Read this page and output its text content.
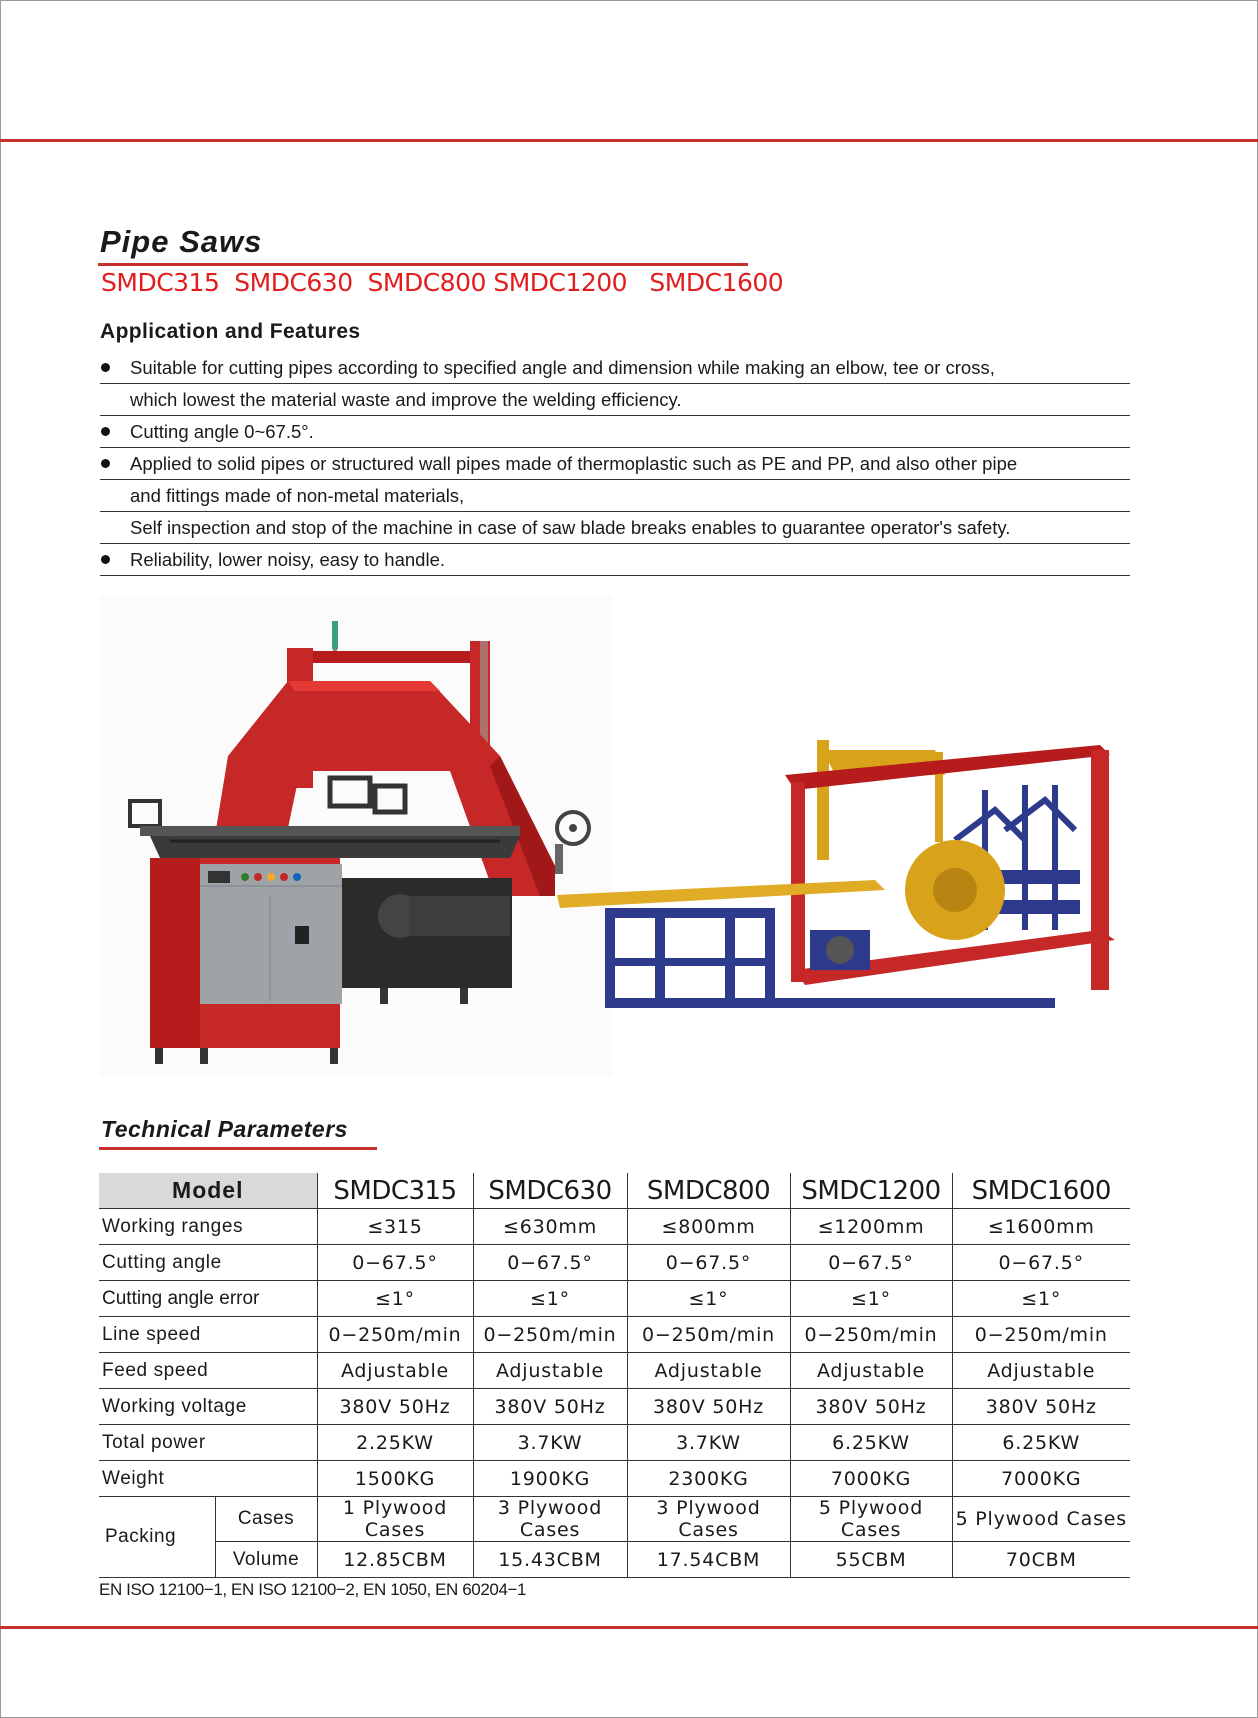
Pipe Saws
SMDC315  SMDC630  SMDC800 SMDC1200   SMDC1600
Application and Features
Suitable for cutting pipes according to specified angle and dimension while making an elbow, tee or cross,
which lowest the material waste and improve the welding efficiency.
Cutting angle 0~67.5°.
Applied to solid pipes or structured wall pipes made of thermoplastic such as PE and PP, and also other pipe
and fittings made of non-metal materials,
Self inspection and stop of the machine in case of saw blade breaks enables to guarantee operator's safety.
Reliability, lower noisy, easy to handle.
Technical Parameters
Model		SMDC315	SMDC630	SMDC800	SMDC1200	SMDC1600
Working ranges		≤315	≤630mm	≤800mm	≤1200mm	≤1600mm
Cutting angle		0−67.5°	0−67.5°	0−67.5°	0−67.5°	0−67.5°
Cutting angle error		≤1°	≤1°	≤1°	≤1°	≤1°
Line speed		0−250m/min	0−250m/min	0−250m/min	0−250m/min	0−250m/min
Feed speed		Adjustable	Adjustable	Adjustable	Adjustable	Adjustable
Working voltage		380V 50Hz	380V 50Hz	380V 50Hz	380V 50Hz	380V 50Hz
Total power		2.25KW	3.7KW	3.7KW	6.25KW	6.25KW
Weight		1500KG	1900KG	2300KG	7000KG	7000KG
Packing	Cases	1 Plywood Cases	3 Plywood Cases	3 Plywood Cases	5 Plywood Cases	5 Plywood Cases

	Volume	12.85CBM	15.43CBM	17.54CBM	55CBM	70CBM
EN ISO 12100−1, EN ISO 12100−2, EN 1050, EN 60204−1
